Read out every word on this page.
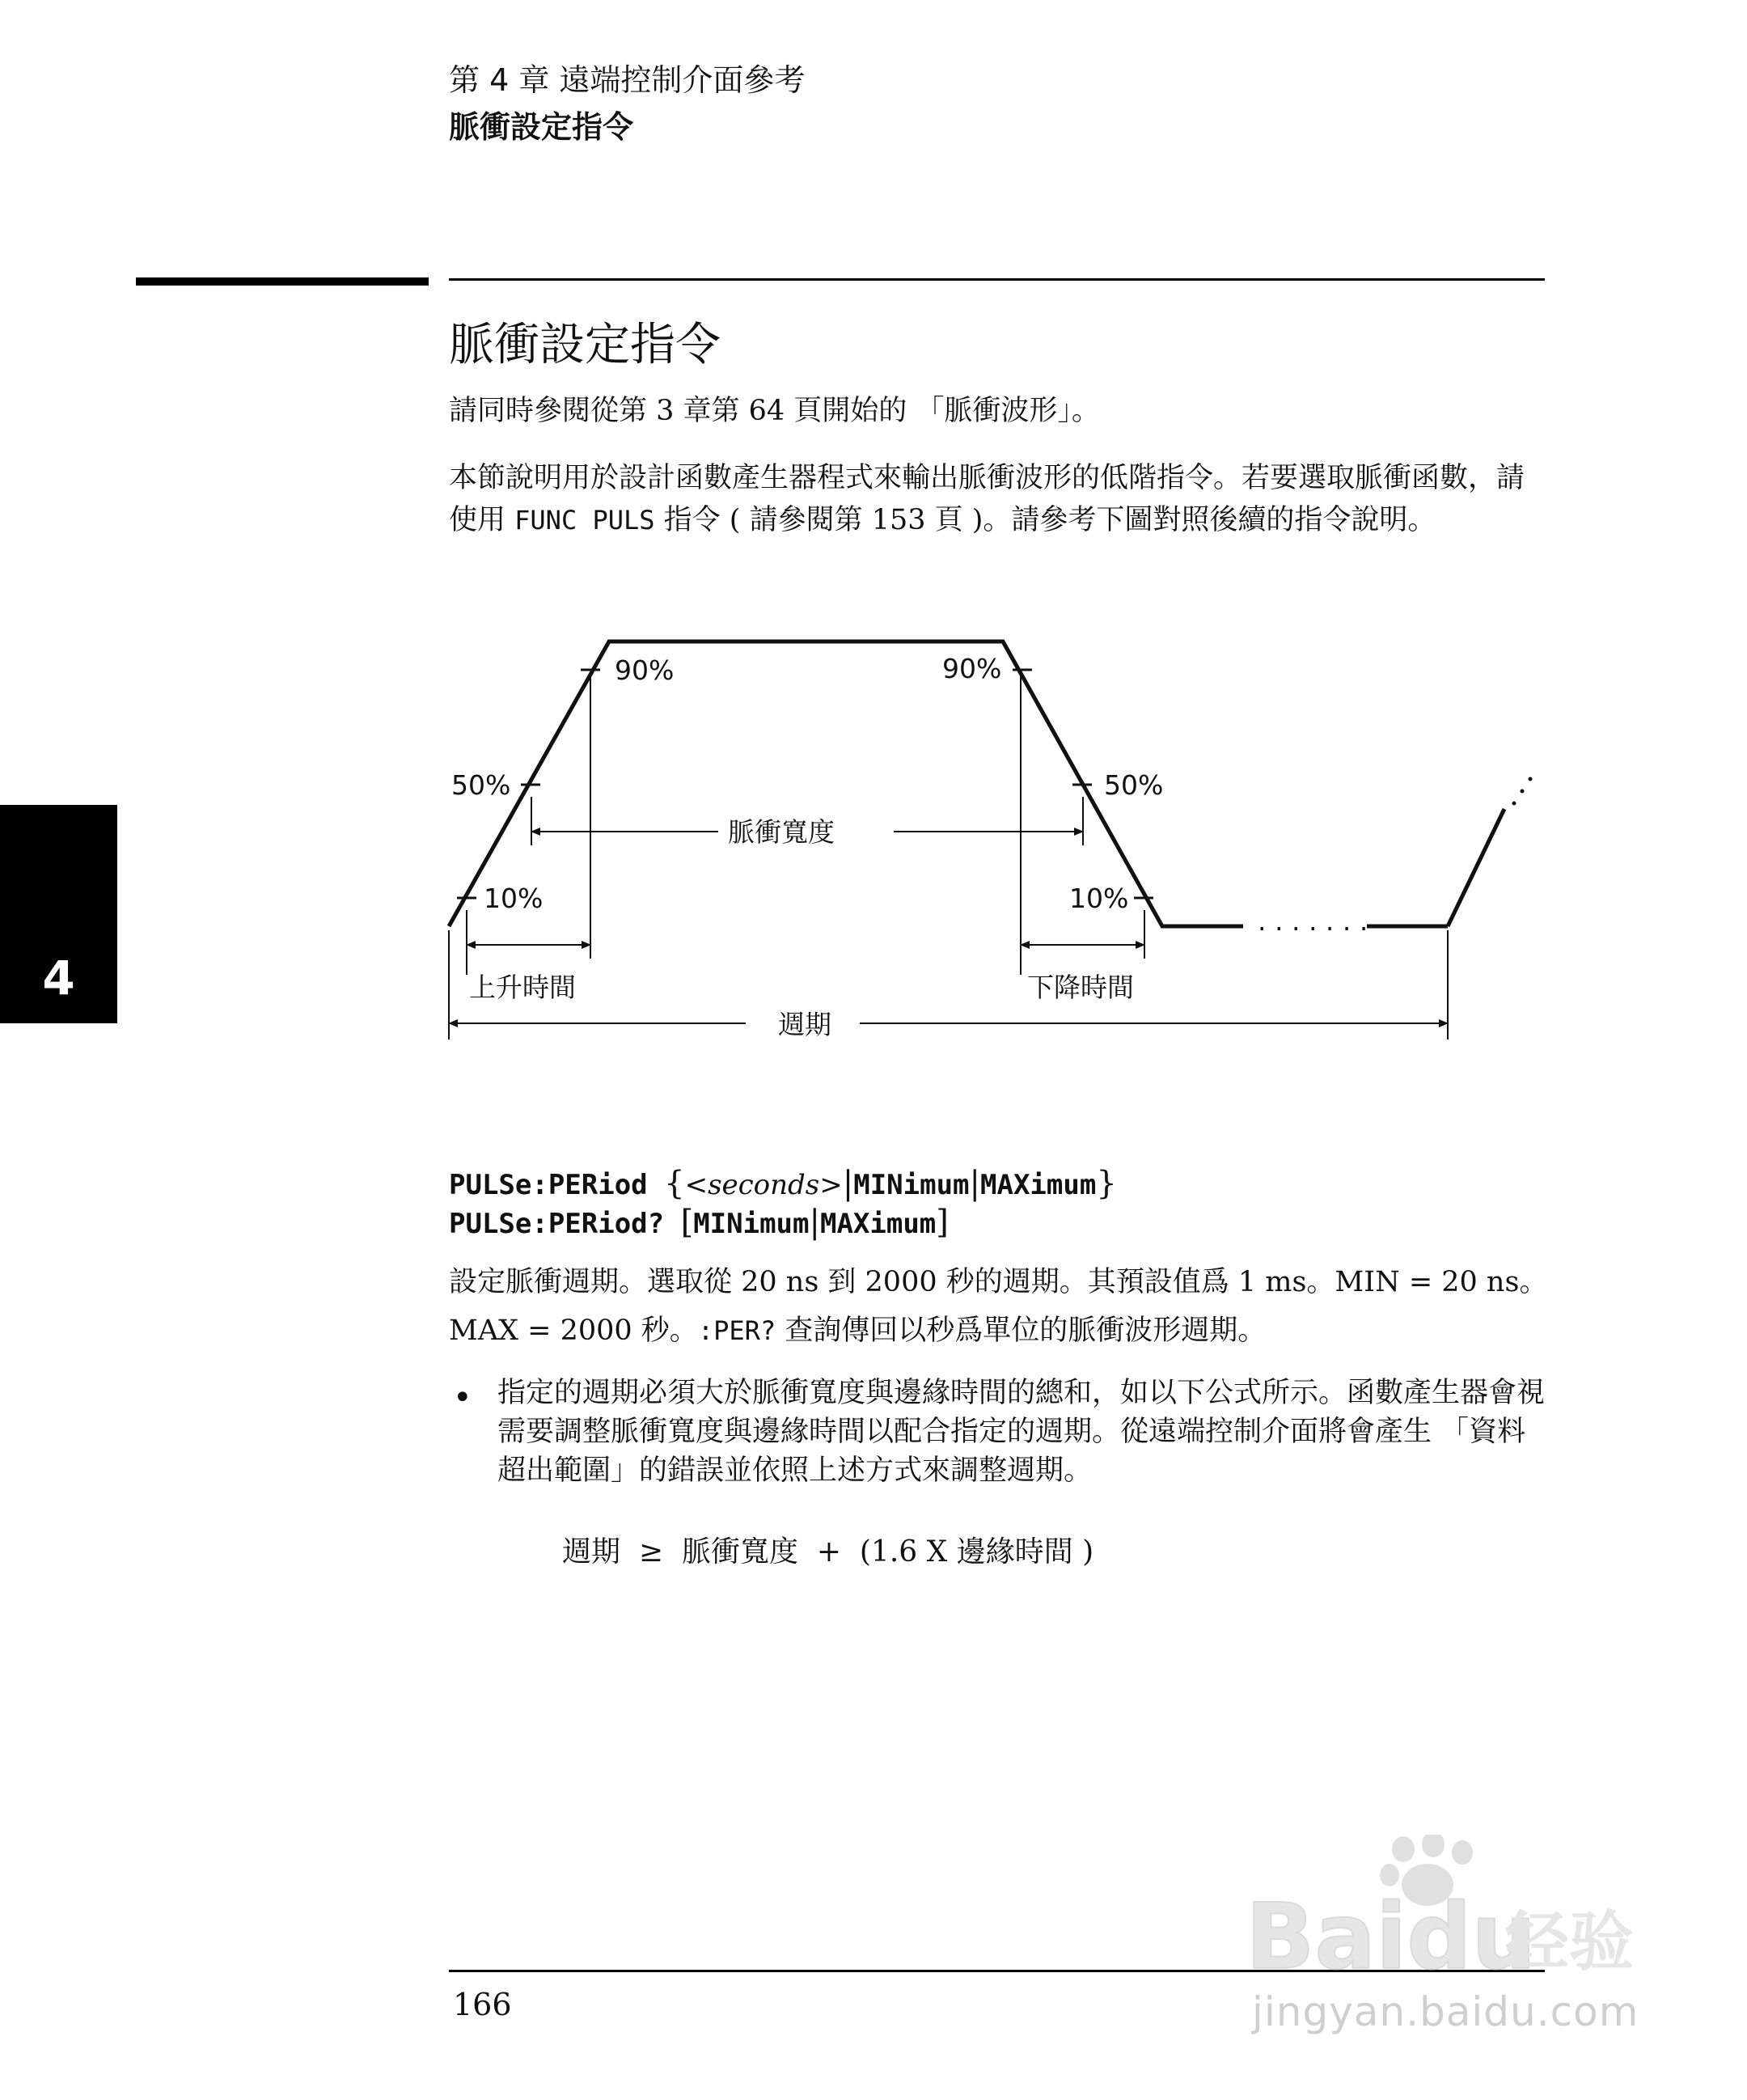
第 4 章 遠端控制介面參考
脈衝設定指令
脈衝設定指令
請同時參閱從第 3 章第 64 頁開始的 「脈衝波形」。
本節說明用於設計函數產生器程式來輸出脈衝波形的低階指令。若要選取脈衝函數，請使用 FUNC PULS 指令 ( 請參閱第 153 頁 )。請參考下圖對照後續的指令說明。
4
90%	90%
50%	50%
10%	10%
脈衝寬度
上升時間	下降時間
週期
. . . . . . .
PULSe:PERiod {<seconds>|MINimum|MAXimum}
PULSe:PERiod? [MINimum|MAXimum]
設定脈衝週期。選取從 20 ns 到 2000 秒的週期。其預設值爲 1 ms。MIN = 20 ns。MAX = 2000 秒。:PER? 查詢傳回以秒爲單位的脈衝波形週期。
• 指定的週期必須大於脈衝寬度與邊緣時間的總和，如以下公式所示。函數產生器會視需要調整脈衝寬度與邊緣時間以配合指定的週期。從遠端控制介面將會產生 「資料超出範圍」的錯誤並依照上述方式來調整週期。
週期  ≥  脈衝寬度  +  (1.6 X 邊緣時間 )
166
Baidu
经验
jingyan.baidu.com
